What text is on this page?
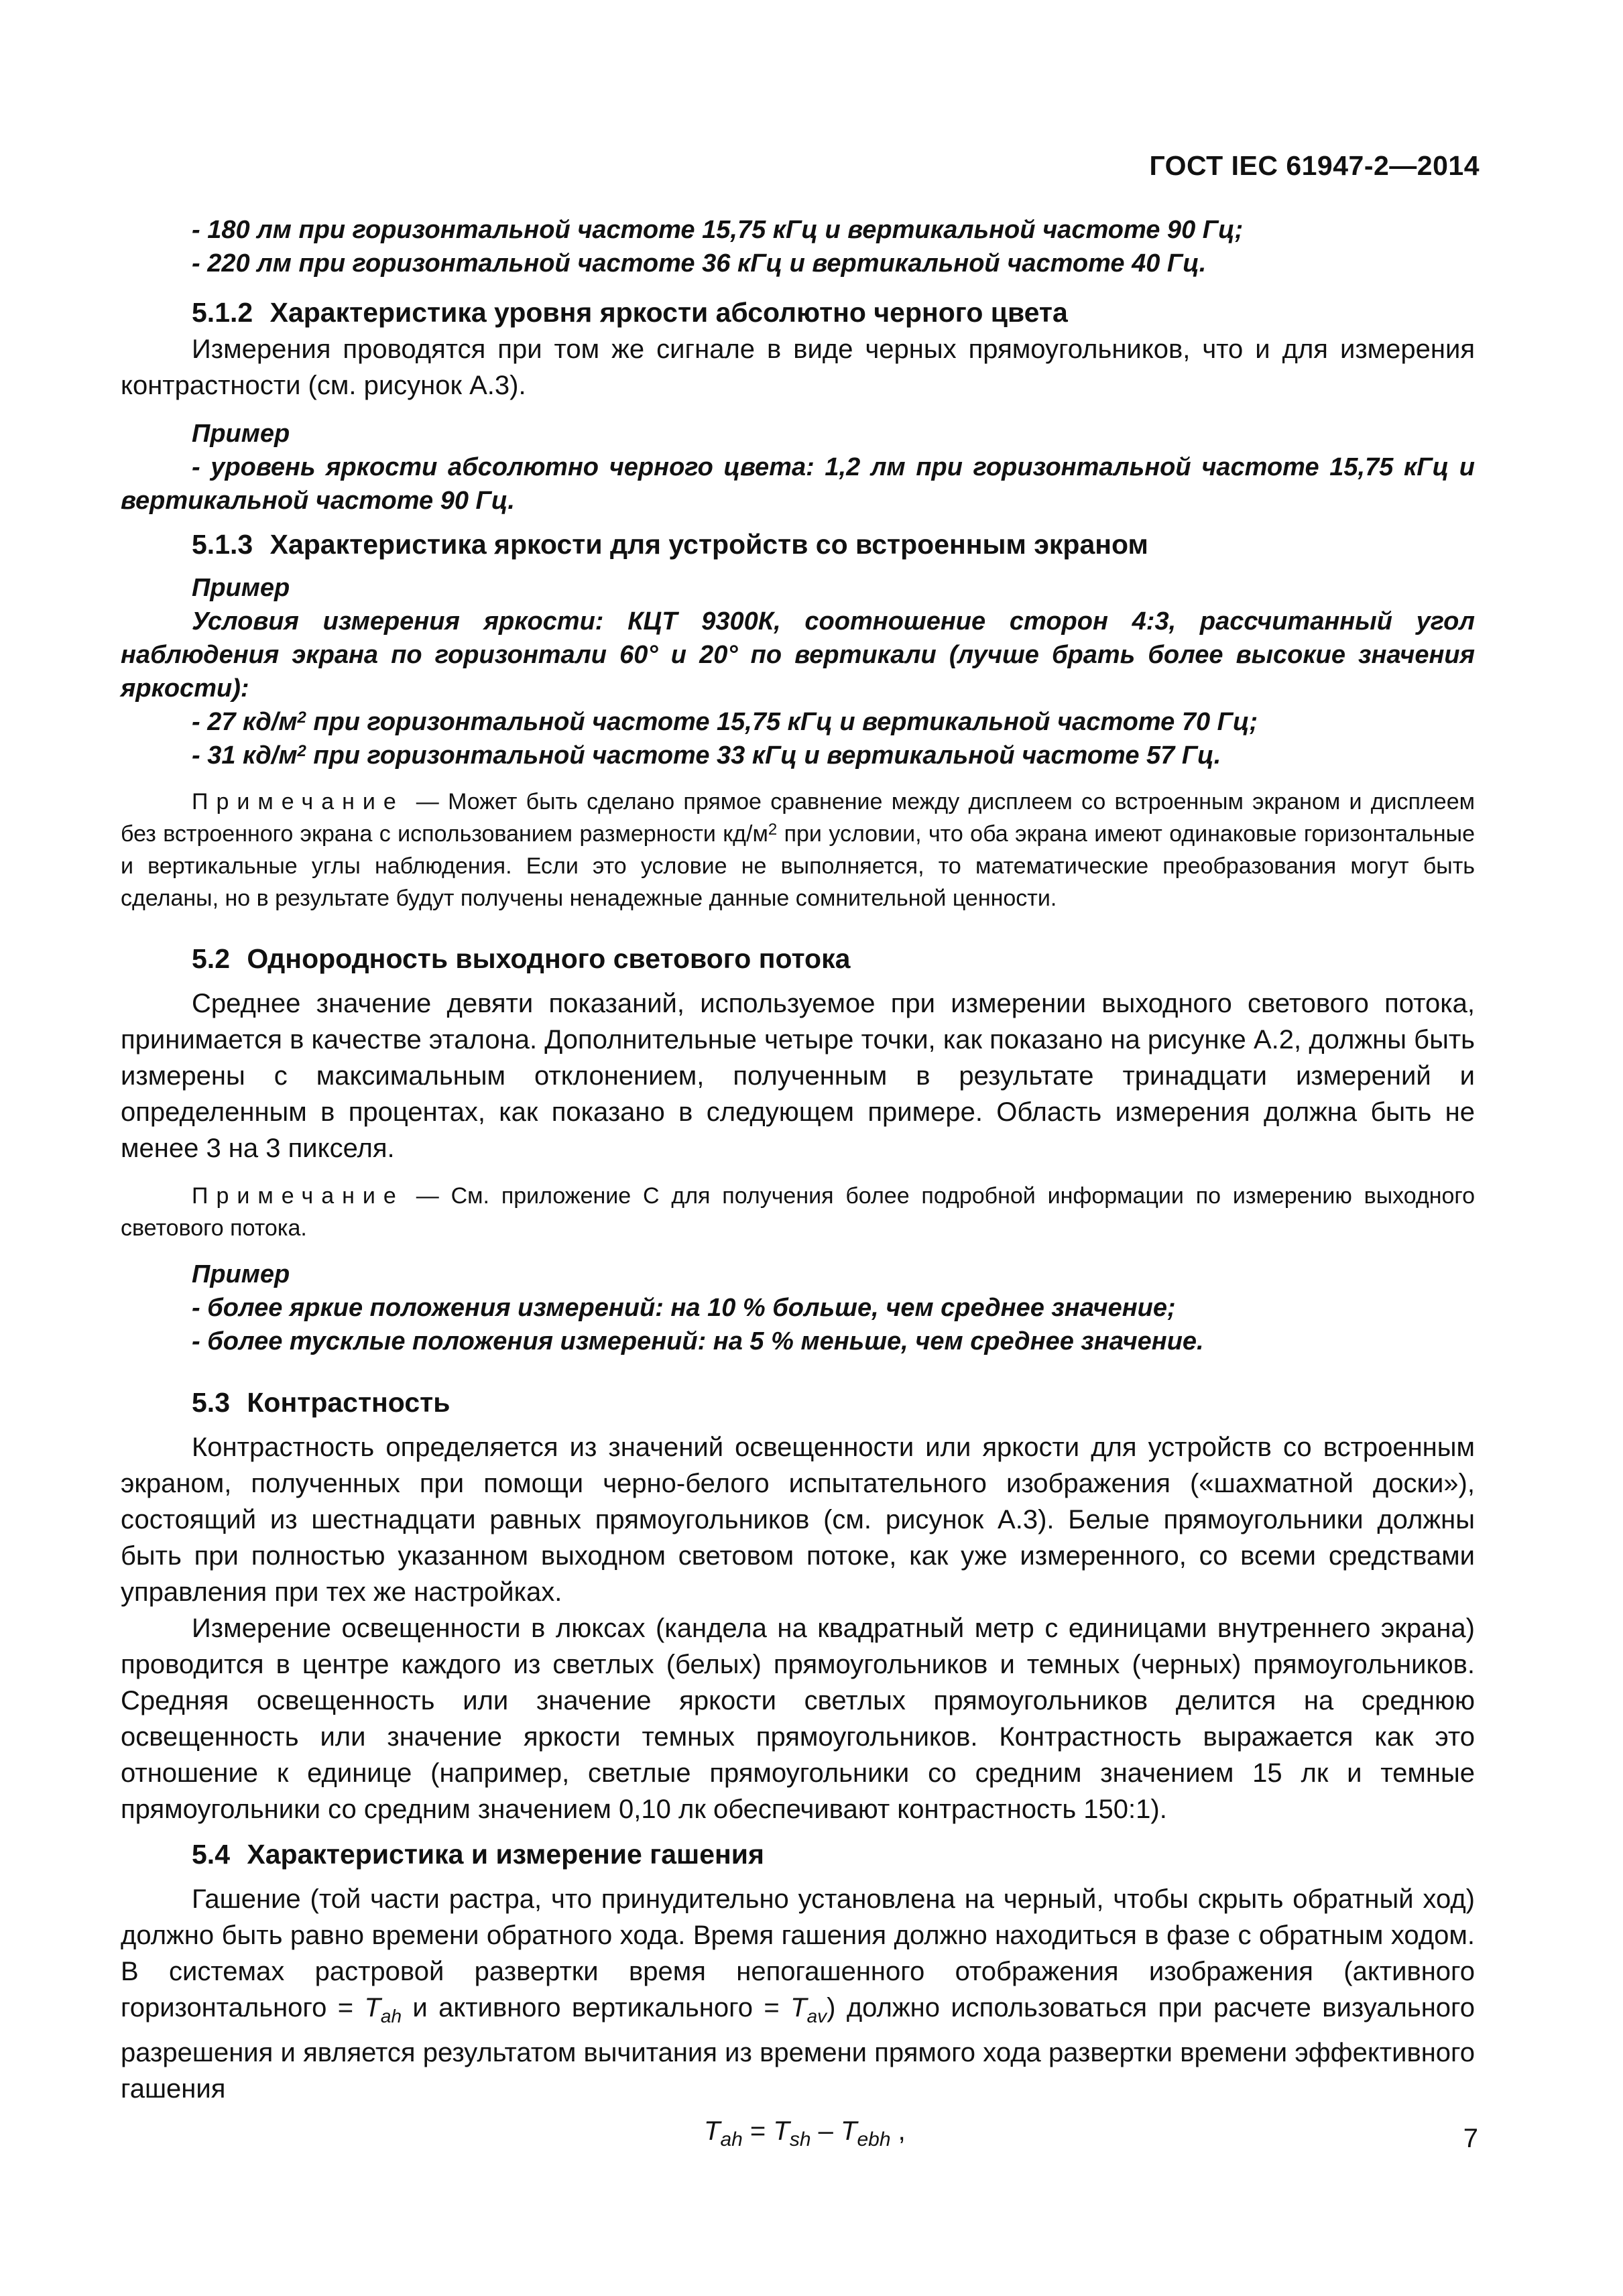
ГОСТ IEC 61947-2—2014

- 180 лм при горизонтальной частоте 15,75 кГц и вертикальной частоте 90 Гц;

- 220 лм при горизонтальной частоте 36 кГц и вертикальной частоте 40 Гц.

5.1.2 Характеристика уровня яркости абсолютно черного цвета

Измерения проводятся при том же сигнале в виде черных прямоугольников, что и для измерения контрастности (см. рисунок А.3).

Пример

- уровень яркости абсолютно черного цвета: 1,2 лм при горизонтальной частоте 15,75 кГц и вертикальной частоте 90 Гц.

5.1.3 Характеристика яркости для устройств со встроенным экраном

Пример

Условия измерения яркости: КЦТ 9300К, соотношение сторон 4:3, рассчитанный угол наблюдения экрана по горизонтали 60° и 20° по вертикали (лучше брать более высокие значения яркости):

- 27 $кд/м^2$ при горизонтальной частоте 15,75 кГц и вертикальной частоте 70 Гц;

- 31 $кд/м^2$ при горизонтальной частоте 33 кГц и вертикальной частоте 57 Гц.

Примечание — Может быть сделано прямое сравнение между дисплеем со встроенным экраном и дисплеем без встроенного экрана с использованием размерности $кд/м^2$ при условии, что оба экрана имеют одинаковые горизонтальные и вертикальные углы наблюдения. Если это условие не выполняется, то математические преобразования могут быть сделаны, но в результате будут получены ненадежные данные сомнительной ценности.

5.2 Однородность выходного светового потока

Среднее значение девяти показаний, используемое при измерении выходного светового потока, принимается в качестве эталона. Дополнительные четыре точки, как показано на рисунке А.2, должны быть измерены с максимальным отклонением, полученным в результате тринадцати измерений и определенным в процентах, как показано в следующем примере. Область измерения должна быть не менее 3 на 3 пикселя.

Примечание — См. приложение С для получения более подробной информации по измерению выходного светового потока.

Пример

- более яркие положения измерений: на 10 % больше, чем среднее значение;

- более тусклые положения измерений: на 5 % меньше, чем среднее значение.

5.3 Контрастность

Контрастность определяется из значений освещенности или яркости для устройств со встроенным экраном, полученных при помощи черно-белого испытательного изображения («шахматной доски»), состоящий из шестнадцати равных прямоугольников (см. рисунок А.3). Белые прямоугольники должны быть при полностью указанном выходном световом потоке, как уже измеренного, со всеми средствами управления при тех же настройках.

Измерение освещенности в люксах (кандела на квадратный метр с единицами внутреннего экрана) проводится в центре каждого из светлых (белых) прямоугольников и темных (черных) прямоугольников. Средняя освещенность или значение яркости светлых прямоугольников делится на среднюю освещенность или значение яркости темных прямоугольников. Контрастность выражается как это отношение к единице (например, светлые прямоугольники со средним значением 15 лк и темные прямоугольники со средним значением 0,10 лк обеспечивают контрастность 150:1).

5.4 Характеристика и измерение гашения

Гашение (той части растра, что принудительно установлена на черный, чтобы скрыть обратный ход) должно быть равно времени обратного хода. Время гашения должно находиться в фазе с обратным ходом. В системах растровой развертки время непогашенного отображения изображения (активного горизонтального = $T_{ah}$ и активного вертикального = $T_{av}$) должно использоваться при расчете визуального разрешения и является результатом вычитания из времени прямого хода развертки времени эффективного гашения

$T_{ah} = T_{sh} - T_{ebh}$ ,	7
